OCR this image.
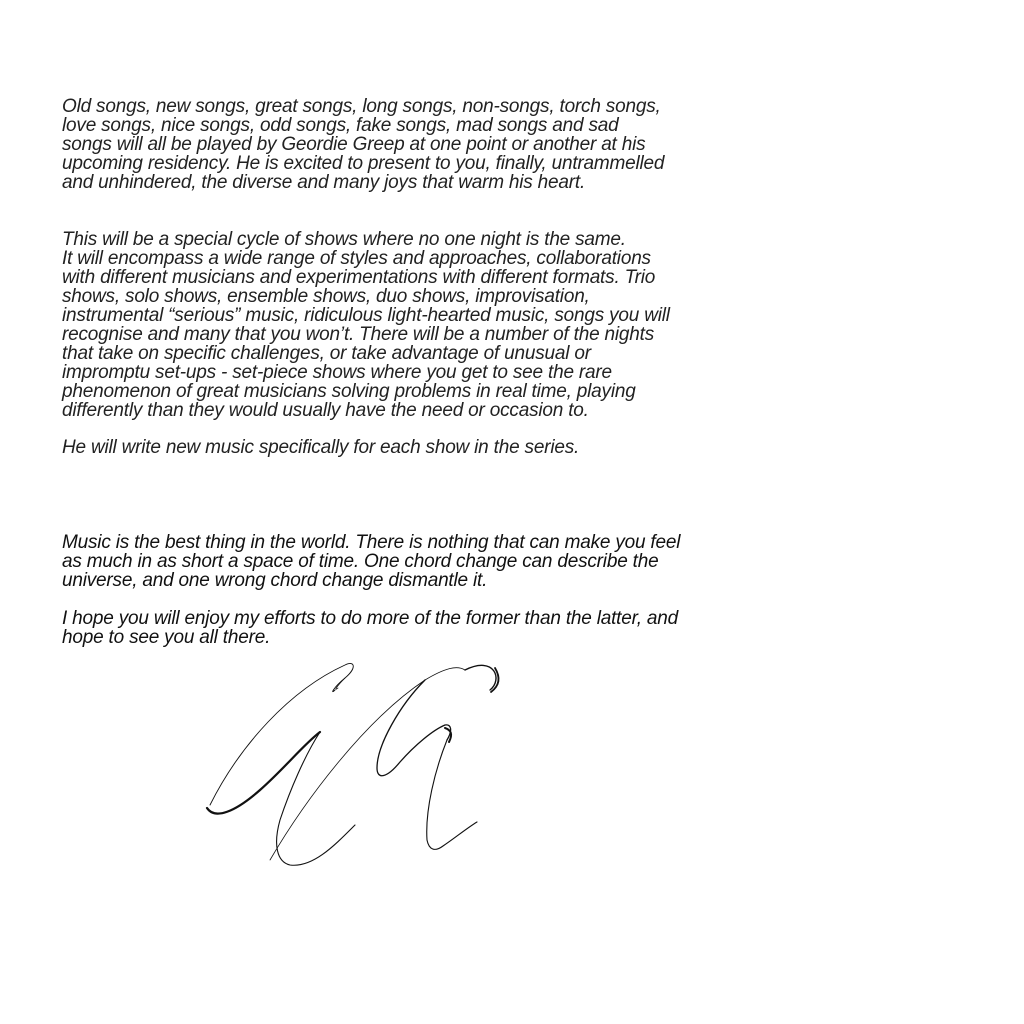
Old songs, new songs, great songs, long songs, non-songs, torch songs,
love songs, nice songs, odd songs, fake songs, mad songs and sad
songs will all be played by Geordie Greep at one point or another at his
upcoming residency. He is excited to present to you, finally, untrammelled
and unhindered, the diverse and many joys that warm his heart.

This will be a special cycle of shows where no one night is the same.
It will encompass a wide range of styles and approaches, collaborations
with different musicians and experimentations with different formats. Trio
shows, solo shows, ensemble shows, duo shows, improvisation,
instrumental “serious” music, ridiculous light-hearted music, songs you will
recognise and many that you won’t. There will be a number of the nights
that take on specific challenges, or take advantage of unusual or
impromptu set-ups - set-piece shows where you get to see the rare
phenomenon of great musicians solving problems in real time, playing
differently than they would usually have the need or occasion to.

He will write new music specifically for each show in the series.

Music is the best thing in the world. There is nothing that can make you feel
as much in as short a space of time. One chord change can describe the
universe, and one wrong chord change dismantle it.

I hope you will enjoy my efforts to do more of the former than the latter, and
hope to see you all there.
